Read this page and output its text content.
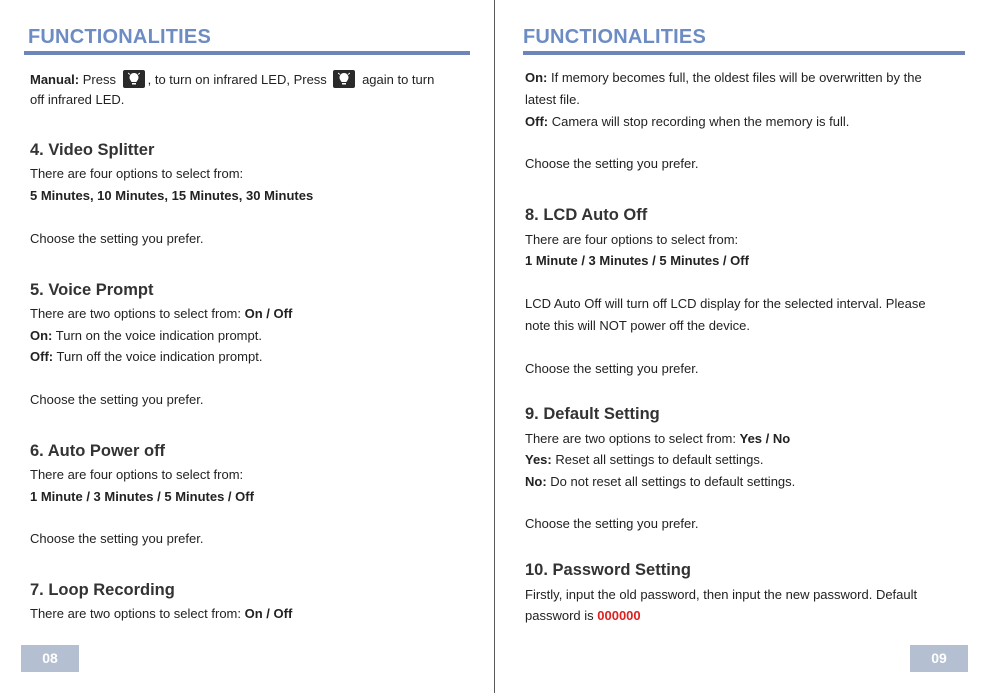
FUNCTIONALITIES
Manual: Press , to turn on infrared LED, Press	again to turn
off infrared LED.
4. Video Splitter
There are four options to select from:
5 Minutes, 10 Minutes, 15 Minutes, 30 Minutes
Choose the setting you prefer.
5. Voice Prompt
There are two options to select from: On / Off
On: Turn on the voice indication prompt.
Off: Turn off the voice indication prompt.
Choose the setting you prefer.
6. Auto Power off
There are four options to select from:
1 Minute / 3 Minutes / 5 Minutes / Off
Choose the setting you prefer.
7. Loop Recording
There are two options to select from: On / Off
08
FUNCTIONALITIES
On: If memory becomes full, the oldest files will be overwritten by the
latest file.
Off: Camera will stop recording when the memory is full.
Choose the setting you prefer.
8. LCD Auto Off
There are four options to select from:
1 Minute / 3 Minutes / 5 Minutes / Off
LCD Auto Off will turn off LCD display for the selected interval. Please
note this will NOT power off the device.
Choose the setting you prefer.
9. Default Setting
There are two options to select from: Yes / No
Yes: Reset all settings to default settings.
No: Do not reset all settings to default settings.
Choose the setting you prefer.
10. Password Setting
Firstly, input the old password, then input the new password. Default
password is 000000
09
